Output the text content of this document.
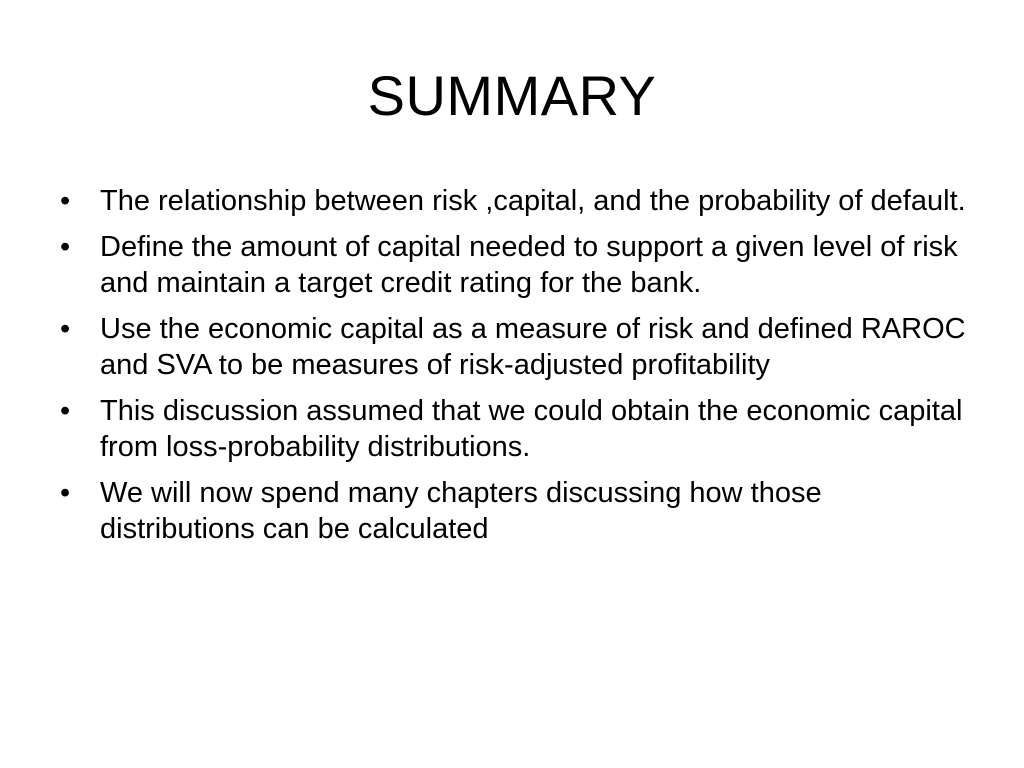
SUMMARY
•	The relationship between risk ,capital, and the probability of default.
•	Define the amount of capital needed to support a given level of risk and maintain a target credit rating for the bank.
•	Use the economic capital as a measure of risk and defined RAROC and SVA to be measures of risk-adjusted profitability
•	This discussion assumed that we could obtain the economic capital from loss-probability distributions.
•	We will now spend many chapters discussing how those distributions can be calculated
